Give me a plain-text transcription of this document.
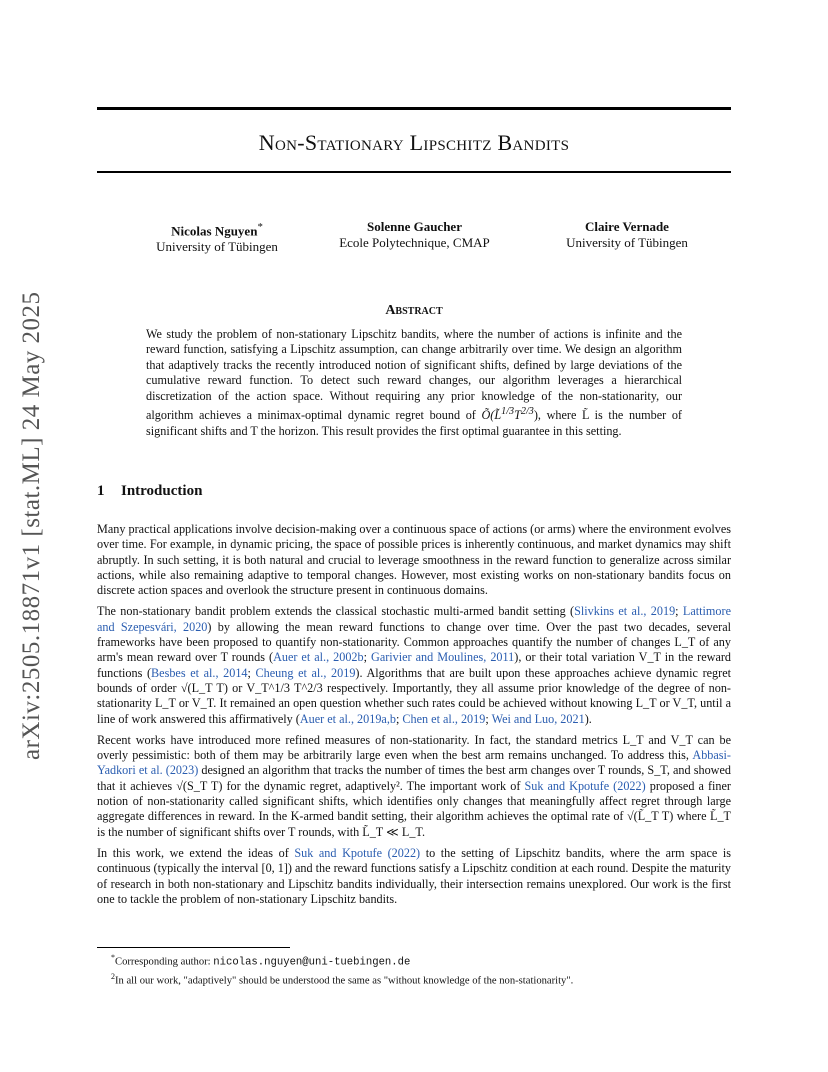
arXiv:2505.18871v1 [stat.ML] 24 May 2025
Non-Stationary Lipschitz Bandits
Nicolas Nguyen*
University of Tübingen
Solenne Gaucher
Ecole Polytechnique, CMAP
Claire Vernade
University of Tübingen
Abstract
We study the problem of non-stationary Lipschitz bandits, where the number of actions is infinite and the reward function, satisfying a Lipschitz assumption, can change arbitrarily over time. We design an algorithm that adaptively tracks the recently introduced notion of significant shifts, defined by large deviations of the cumulative reward function. To detect such reward changes, our algorithm leverages a hierarchical discretization of the action space. Without requiring any prior knowledge of the non-stationarity, our algorithm achieves a minimax-optimal dynamic regret bound of $Õ(L̃^{1/3}T^{2/3})$, where L̃ is the number of significant shifts and T the horizon. This result provides the first optimal guarantee in this setting.
1 Introduction

Many practical applications involve decision-making over a continuous space of actions (or arms) where the environment evolves over time. For example, in dynamic pricing, the space of possible prices is inherently continuous, and market dynamics may shift abruptly. In such setting, it is both natural and crucial to leverage smoothness in the reward function to generalize across similar actions, while also remaining adaptive to temporal changes. However, most existing works on non-stationary bandits focus on discrete action spaces and overlook the structure present in continuous domains.

The non-stationary bandit problem extends the classical stochastic multi-armed bandit setting (Slivkins et al., 2019; Lattimore and Szepesvári, 2020) by allowing the mean reward functions to change over time. Over the past two decades, several frameworks have been proposed to quantify non-stationarity. Common approaches quantify the number of changes L_T of any arm's mean reward over T rounds (Auer et al., 2002b; Garivier and Moulines, 2011), or their total variation V_T in the reward functions (Besbes et al., 2014; Cheung et al., 2019). Algorithms that are built upon these approaches achieve dynamic regret bounds of order √(L_T T) or V_T^1/3 T^2/3 respectively. Importantly, they all assume prior knowledge of the degree of non-stationarity L_T or V_T. It remained an open question whether such rates could be achieved without knowing L_T or V_T, until a line of work answered this affirmatively (Auer et al., 2019a,b; Chen et al., 2019; Wei and Luo, 2021).

Recent works have introduced more refined measures of non-stationarity. In fact, the standard metrics L_T and V_T can be overly pessimistic: both of them may be arbitrarily large even when the best arm remains unchanged. To address this, Abbasi-Yadkori et al. (2023) designed an algorithm that tracks the number of times the best arm changes over T rounds, S_T, and showed that it achieves √(S_T T) for the dynamic regret, adaptively². The important work of Suk and Kpotufe (2022) proposed a finer notion of non-stationarity called significant shifts, which identifies only changes that meaningfully affect regret through large aggregate differences in reward. In the K-armed bandit setting, their algorithm achieves the optimal rate of √(L̃_T T) where L̃_T is the number of significant shifts over T rounds, with L̃_T ≪ L_T.

In this work, we extend the ideas of Suk and Kpotufe (2022) to the setting of Lipschitz bandits, where the arm space is continuous (typically the interval [0, 1]) and the reward functions satisfy a Lipschitz condition at each round. Despite the maturity of research in both non-stationary and Lipschitz bandits individually, their intersection remains unexplored. Our work is the first one to tackle the problem of non-stationary Lipschitz bandits.

*Corresponding author: nicolas.nguyen@uni-tuebingen.de
$^2$In all our work, "adaptively" should be understood the same as "without knowledge of the non-stationarity".
